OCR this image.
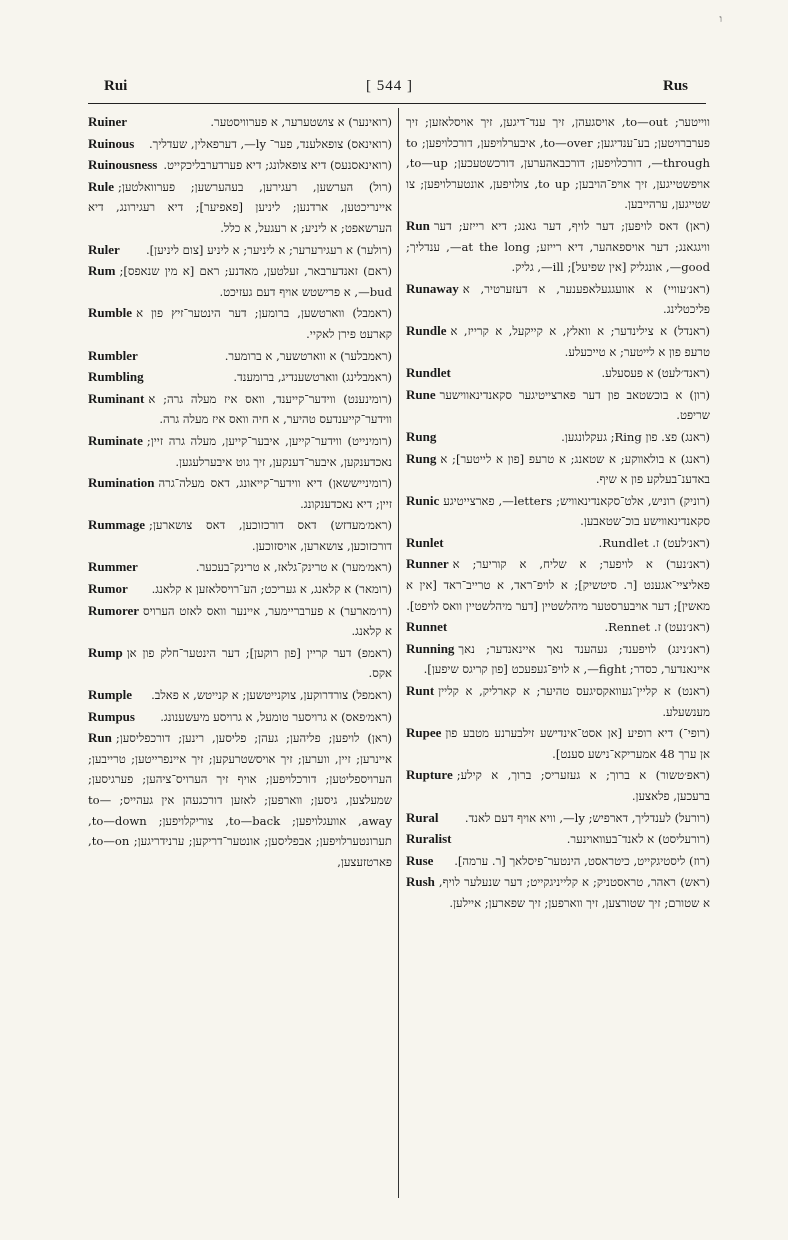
ו
Rui	[ 544 ]	Rus
Ruiner	(רואינער) א צושטערער, א פערוויסטער.
Ruinous	(רואינאס) צופאלענד, פער־ ly—, דערפאלין, שעדליך.
Ruinousness	(רואינאסנעס) דיא צופאלונג; דיא פערדערבליכקייט.
Rule	(רול) הערשען, רעגירען, בעהערשען; פערוואלטען; איינריכטען, ארדנען; ליניען [פאפיער]; דיא רעגירונג, דיא הערשאפט; א ליניע; א רעגעל, א כלל.
Ruler	(רולער) א רעגירערער; א ליניער; א ליניע [צום ליניען].
Rum	(ראם) זאנדערבאר, זעלטען, מאדנע; ראם [א מין שנאפס]; bud—, א פרישטש אויף דעם געזיכט.
Rumble	(ראמבל) ווארטשען, ברומען; דער הינטער־זיץ פון א קארעט פירן לאקיי.
Rumbler	(ראמבלער) א ווארטשער, א ברומער.
Rumbling	(ראמבלינג) ווארטשענדיג, ברומענד.
Ruminant	(רומינענט) ווידער־קייענד, וואס איז מעלה גרה; א ווידער־קייענדעס טהיער, א חיה וואס איז מעלה גרה.
Ruminate	(רומינייט) ווידער־קייען, איבער־קייען, מעלה גרה זיין; נאכדענקען, איבער־דענקען, זיך גוט איבערלעגען.
Rumination	(רומינייששאן) דיא ווידער־קייאונג, דאס מעלה־גרה זיין; דיא נאכדענקונג.
Rummage	(ראמ׳מעדזש) דאס דורכזוכען, דאס צושארען; דורכזוכען, צושארען, אויסזוכען.
Rummer	(ראמ׳מער) א טרינק־גלאז, א טרינק־בעכער.
Rumor	(רומאר) א קלאנג, א געריכט; הע־רויסלאזען א קלאנג.
Rumorer	(רו׳מארער) א פערבריימער, איינער וואס לאזט הערויס א קלאנג.
Rump	(ראמפ) דער קריין [פון רוקען]; דער הינטער־חלק פון אן אקס.
Rumple	(ראמפל) צורדרוקען, צוקנייטשען; א קנייטש, א פאלב.
Rumpus	(ראמ׳פאס) א גרויסער טומעל, א גרויסע מיעשענונג.
Run	(ראן) לויפען; פליהען; געהן; פליסען, רינען; דורכפליסען; איינרען; זיין, ווערען; זיך אויסשטרעקען; זיך איינפרייטען; טרייבען; הערויספליטען; דורכלויפען; אויף זיך הערויס־ציהען; פערגיסען; שמעלצען, גיסען; ווארפען; לאזען דורכגעהן אין געהייס; to—away, אוועגלויפען; to—back, צוריקלויפען; to—down, תערונטערלויפען; אבפליסען; אונטער־דריקען; ערנידריגען; to—on, פארטזעצען,
ווייטער; to—out, אויסגעהן, זיך ענד־דיגען, זיך אויסלאזען; זיך פערברויטען; בע־ענדיגען; to—over, איבערלויפען, דורכלויפען; to—through, דורכלויפען; דורכבאהערען, דורכשטעכען; to—up, אויפשטייגען, זיך אויפ־הויבען; to up, צולויפען, אונטערלויפען; צו שטייגען, ערהייבען.
Run	(ראן) דאס לויפען; דער לויף, דער גאנג; דיא רייזע; דער וויגגאנג; דער אויספאהער, דיא רייזע; at the long—, ענדליך; good—, אונגליק [אין שפיעל]; ill—, גליק.
Runaway	(ראנ׳עוויי) א אוועגגעלאפענער, א דעזערטיר, א פליכטלינג.
Rundle	(ראנדל) א צילינדער; א וואלץ, א קייקעל, א קרייז, א טרעפ פון א לייטער; א טייכעלע.
Rundlet	(ראנד׳לעט) א פעסעלע.
Rune	(רון) א בוכשטאב פון דער פארצייטיגער סקאנדינאווישער שריפט.
Rung	(ראנג) פצ. פון Ring; געקלונגען.
Rung	(ראנג) א בולאווקע; א שטאנג; א טרעפ [פון א לייטער]; א באדענ־בעלקע פון א שיף.
Runic	(רוניק) רוניש, אלט־סקאנדינאוויש; letters—, פארצייטיגע סקאנדינאווישע בוכ־שטאבען.
Runlet	(ראנ׳לעט) ז. Rundlet.
Runner	(ראנ׳נער) א לויפער; א שליח, א קוריער; א פאליציי־אגענט [ר. סיטשיק]; א לויפ־ראד, א טרייב־ראד [אין א מאשין]; דער אויבערסטער מיהלשטיין [דער מיהלשטיין וואס לויפט].
Runnet	(ראנ׳נעט) ז. Rennet.
Running	(ראנ׳נינג) לויפענד; געהענד נאך איינאנדער; נאך איינאנדער, כסדר; fight—, א לויפ־געפעכט [פון קריגס שיפען].
Runt	(ראנט) א קליין־געוואקסיגעס טהיער; א קארליק, א קליין מענשעלע.
Rupee	(רופי־) דיא רופיע [אן אסט־אינדישע זילבערנע מטבע פון אן ערך 48 אמעריקא־נישע סענט].
Rupture	(ראפ׳טשור) א ברוך; א געזעריס; ברוך, א קילע; ברעכען, פלאצען.
Rural	(רורעל) לענדליך, דארפיש; ly—, וויא אויף דעם לאנד.
Ruralist	(רורעליסט) א לאנד־בעוואוינער.
Ruse	(רוז) ליסטיגקייט, כיטראסט, הינטער־פיסלאך [ר. ערמה].
Rush	(ראש) ראהר, טראסטניק; א קלייניגקייט; דער שנעלער לויף, א שטורם; זיך שטורצען, זיך ווארפען; זיך שפארען; איילען.
